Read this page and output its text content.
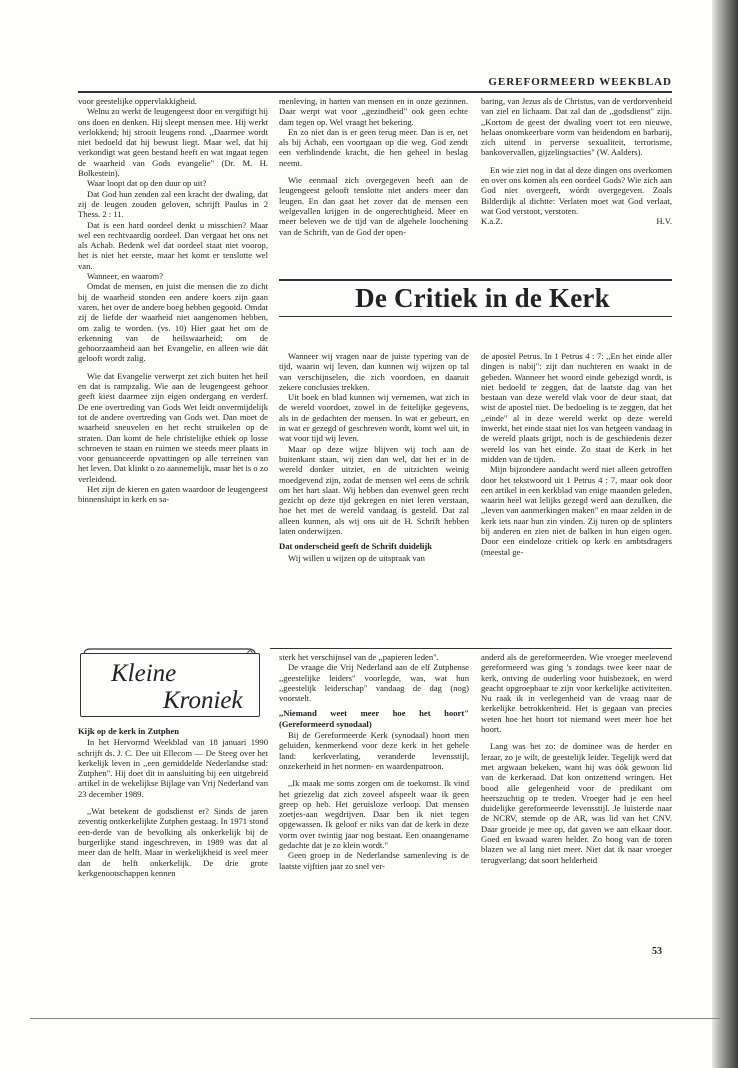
GEREFORMEERD WEEKBLAD

voor geestelijke oppervlakkigheid.

Welnu zo werkt de leugengeest door en vergiftigt hij ons doen en denken. Hij sleept mensen mee. Hij werkt verlokkend; hij strooit leugens rond. ,,Daarmee wordt niet bedoeld dat hij bewust liegt. Maar wel, dat hij verkondigt wat geen bestand heeft en wat ingaat tegen de waarheid van Gods evangelie" (Dr. M. H. Bolkestein).

Waar loopt dat op den duur op uit?

Dat God hun zenden zal een kracht der dwaling, dat zij de leugen zouden geloven, schrijft Paulus in 2 Thess. 2 : 11.

Dat is een hard oordeel denkt u misschien? Maar wel een rechtvaardig oordeel. Dan vergaat het ons net als Achab. Bedenk wel dat oordeel staat niet voorop, het is niet het eerste, maar het komt er tenslotte wel van.

Wanneer, en waarom?

Omdat de mensen, en juist die mensen die zo dicht bij de waarheid stonden een andere koers zijn gaan varen, het over de andere boeg hebben gegooid. Omdat zij de liefde der waarheid niet aangenomen hebben, om zalig te worden. (vs. 10) Hier gaat het om de erkenning van de heilswaarheid; om de gehoorzaamheid aan het Evangelie, en alleen wie dát gelooft wordt zalig.

Wie dat Evangelie verwerpt zet zich buiten het heil en dat is rampzalig. Wie aan de leugengeest gehoor geeft kiest daarmee zijn eigen ondergang en verderf. De ene overtreding van Gods Wet leidt onvermijdelijk tot de andere overtreding van Gods wet. Dan moet de waarheid sneuvelen en het recht struikelen op de straten. Dan komt de hele christelijke ethiek op losse schroeven te staan en ruimen we steeds meer plaats in voor genuanceerde opvattingen op alle terreinen van het leven. Dat klinkt o zo aannemelijk, maar het is o zo verleidend.

Het zijn de kieren en gaten waardoor de leugengeest binnensluipt in kerk en sa-

menleving, in harten van mensen en in onze gezinnen. Daar werpt wat voor ,,gezindheid" ook geen echte dam tegen op. Wel vraagt het bekering.

En zo niet dan is er geen terug meer. Dan is er, net als bij Achab, een voortgaan op die weg. God zendt een verblindende kracht, die hen geheel in beslag neemt.

Wie eenmaal zich overgegeven heeft aan de leugengeest gelooft tenslotte niet anders meer dan leugen. En dan gaat het zover dat de mensen een welgevallen krijgen in de ongerechtigheid. Meer en meer beleven we de tijd van de algehele loochening van de Schrift, van de God der open-

baring, van Jezus als de Christus, van de verdorvenheid van ziel en lichaam. Dat zal dan de ,,godsdienst" zijn. ,,Kortom de geest der dwaling voert tot een nieuwe, helaas onomkeerbare vorm van heidendom en barbarij, zich uitend in perverse sexualiteit, terrorisme, bankovervallen, gijzelingsacties" (W. Aalders).

En wie ziet nog in dat al deze dingen ons overkomen en over ons komen als een oordeel Gods? Wie zich aan God niet overgeeft, wórdt overgegeven. Zoals Bilderdijk al dichtte: Verlaten moet wat God verlaat, wat God verstoot, verstoten.

K.a.Z.	H.V.
De Critiek in de Kerk

Wanneer wij vragen naar de juiste typering van de tijd, waarin wij leven, dan kunnen wij wijzen op tal van verschijnselen, die zich voordoen, en daaruit zekere conclusies trekken.

Uit boek en blad kunnen wij vernemen, wat zich in de wereld voordoet, zowel in de feitelijke gegevens, als in de gedachten der mensen. In wat er gebeurt, en in wat er gezegd of geschreven wordt, komt wel uit, in wat voor tijd wij leven.

Maar op deze wijze blijven wij toch aan de buitenkant staan, wij zien dan wel, dat het er in de wereld donker uitziet, en de uitzichten weinig moedgevend zijn, zodat de mensen wel eens de schrik om het hart slaat. Wij hebben dan evenwel geen recht gezicht op deze tijd gekregen en niet leren verstaan, hoe het met de wereld vandaag is gesteld. Dat zal alleen kunnen, als wij ons uit de H. Schrift hebben laten onderwijzen.

Dat onderscheid geeft de Schrift duidelijk

Wij willen u wijzen op de uitspraak van

de apostel Petrus. In 1 Petrus 4 : 7: ,,En het einde aller dingen is nabij": zijt dan nuchteren en waakt in de gebeden. Wanneer het woord einde gebezigd wordt, is niet bedoeld te zeggen, dat de laatste dag van het bestaan van deze wereld vlak voor de deur staat, dat wist de apostel niet. De bedoeling is te zeggen, dat het ,,einde" al in deze wereld werkt op deze wereld inwerkt, het einde staat niet los van hetgeen vandaag in de wereld plaats grijpt, noch is de geschiedenis dezer wereld los van het einde. Zo staat de Kerk in het midden van de tijden.

Mijn bijzondere aandacht werd niet alleen getroffen door het tekstwoord uit 1 Petrus 4 : 7, maar ook door een artikel in een kerkblad van enige maanden geleden, waarin heel wat lelijks gezegd werd aan dezulken, die ,,leven van aanmerkingen maken" en maar zelden in de kerk iets naar hun zin vinden. Zij turen op de splinters bij anderen en zien niet de balken in hun eigen ogen. Door een eindeloze critiek op kerk en ambtsdragers (meestal ge-

Kleine
Kroniek

Kijk op de kerk in Zutphen

In het Hervormd Weekblad van 18 januari 1990 schrijft ds. J. C. Dee uit Ellecom — De Steeg over het kerkelijk leven in ,,een gemiddelde Nederlandse stad: Zutphen". Hij doet dit in aansluiting bij een uitgebreid artikel in de wekelijkse Bijlage van Vrij Nederland van 23 december 1989.

,,Wat betekent de godsdienst er? Sinds de jaren zeventig ontkerkelijkte Zutphen gestaag. In 1971 stond een-derde van de bevolking als onkerkelijk bij de burgerlijke stand ingeschreven, in 1989 was dat al meer dan de helft. Maar in werkelijkheid is veel meer dan de helft onkerkelijk. De drie grote kerkgenootschappen kennen

sterk het verschijnsel van de ,,papieren leden".

De vraage die Vrij Nederland aan de elf Zutphense ,,geestelijke leiders" voorlegde, was, wat hun ,,geestelijk leiderschap" vandaag de dag (nog) voorstelt.

,,Niemand weet meer hoe het hoort" (Gereformeerd synodaal)

Bij de Gereformeerde Kerk (synodaal) hoort men geluiden, kenmerkend voor deze kerk in het gehele land: kerkverlating, veranderde levensstijl, onzekerheid in het normen- en waardenpatroon.

,,Ik maak me soms zorgen om de toekomst. Ik vind het griezelig dat zich zoveel afspeelt waar ik geen greep op heb. Het geruisloze verloop. Dat mensen zoetjes-aan wegdrijven. Daar ben ik niet tegen opgewassen. Ik geloof er niks van dat de kerk in deze vorm over twintig jaar nog bestaat. Een onaangename gedachte dat je zo klein wordt."

Geen groep in de Nederlandse samenleving is de laatste vijftien jaar zo snel ver-

anderd als de gereformeerden. Wie vroeger meelevend gereformeerd was ging 's zondags twee keer naar de kerk, ontving de ouderling voor huisbezoek, en werd geacht opgroepbaar te zijn voor kerkelijke activiteiten. Nu raak ik in verlegenheid van de vraag naar de kerkelijke betrokkenheid. Het is gegaan van precies weten hoe het hoort tot niemand weet meer hoe het hoort.

Lang was het zo: de dominee was de herder en leraar, zo je wilt, de geestelijk leider. Tegelijk werd dat met argwaan bekeken, want hij was óók gewoon lid van de kerkeraad. Dat kon ontzettend wringen. Het bood alle gelegenheid voor de predikant om heerszuchtig op te treden. Vroeger had je een heel duidelijke gereformeerde levensstijl. Je luisterde naar de NCRV, stemde op de AR, was lid van het CNV. Daar groeide je mee op, dat gaven we aan elkaar door. Goed en kwaad waren helder. Zo hoog van de toren blazen we al lang niet meer. Niet dat ik naar vroeger terugverlang; dat soort helderheid

53
